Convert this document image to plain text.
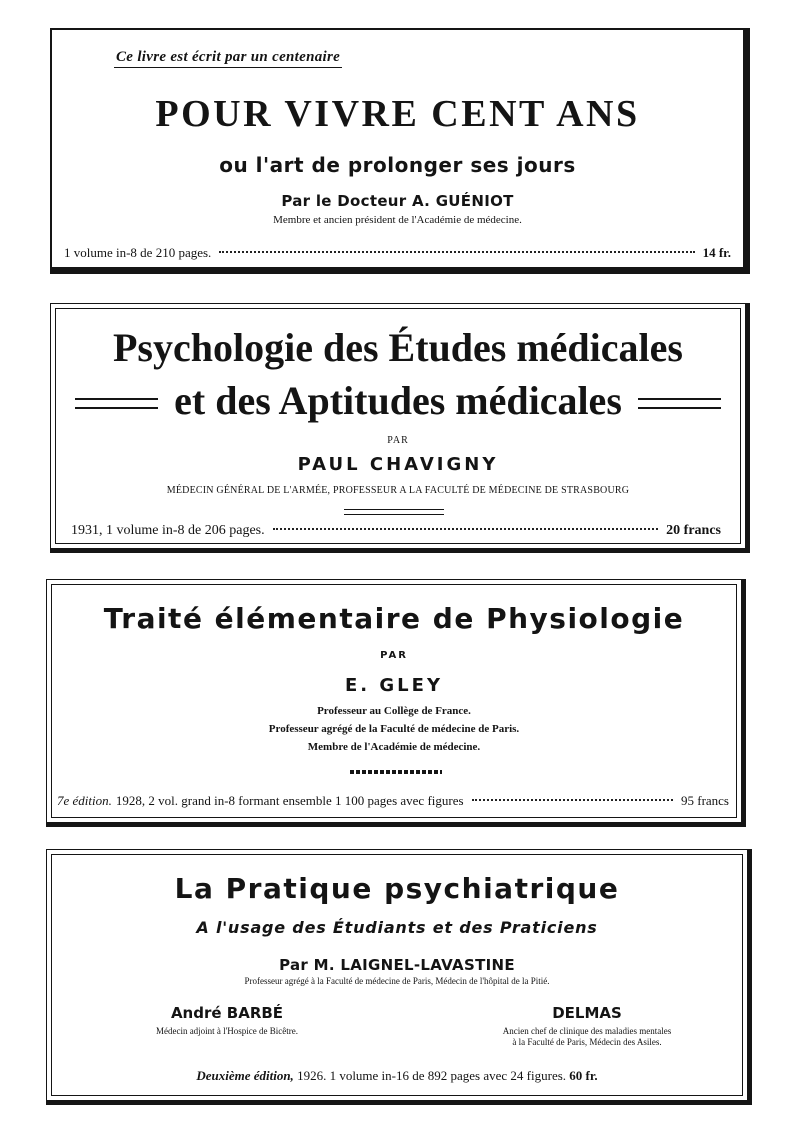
Ce livre est écrit par un centenaire
POUR VIVRE CENT ANS
ou l'art de prolonger ses jours
Par le Docteur A. GUÉNIOT
Membre et ancien président de l'Académie de médecine.
1 volume in-8 de 210 pages.	14 fr.
Psychologie des Études médicales
et des Aptitudes médicales
PAR
PAUL CHAVIGNY
MÉDECIN GÉNÉRAL DE L'ARMÉE, PROFESSEUR A LA FACULTÉ DE MÉDECINE DE STRASBOURG
1931, 1 volume in-8 de 206 pages.	20 francs
Traité élémentaire de Physiologie
PAR
E. GLEY
Professeur au Collège de France.
Professeur agrégé de la Faculté de médecine de Paris.
Membre de l'Académie de médecine.
7e édition. 1928, 2 vol. grand in-8 formant ensemble 1 100 pages avec figures	95 francs
La Pratique psychiatrique
A l'usage des Étudiants et des Praticiens
Par M. LAIGNEL-LAVASTINE
Professeur agrégé à la Faculté de médecine de Paris, Médecin de l'hôpital de la Pitié.
André BARBÉ
Médecin adjoint à l'Hospice de Bicêtre.
DELMAS
Ancien chef de clinique des maladies mentales
à la Faculté de Paris, Médecin des Asiles.
Deuxième édition, 1926. 1 volume in-16 de 892 pages avec 24 figures. 60 fr.
